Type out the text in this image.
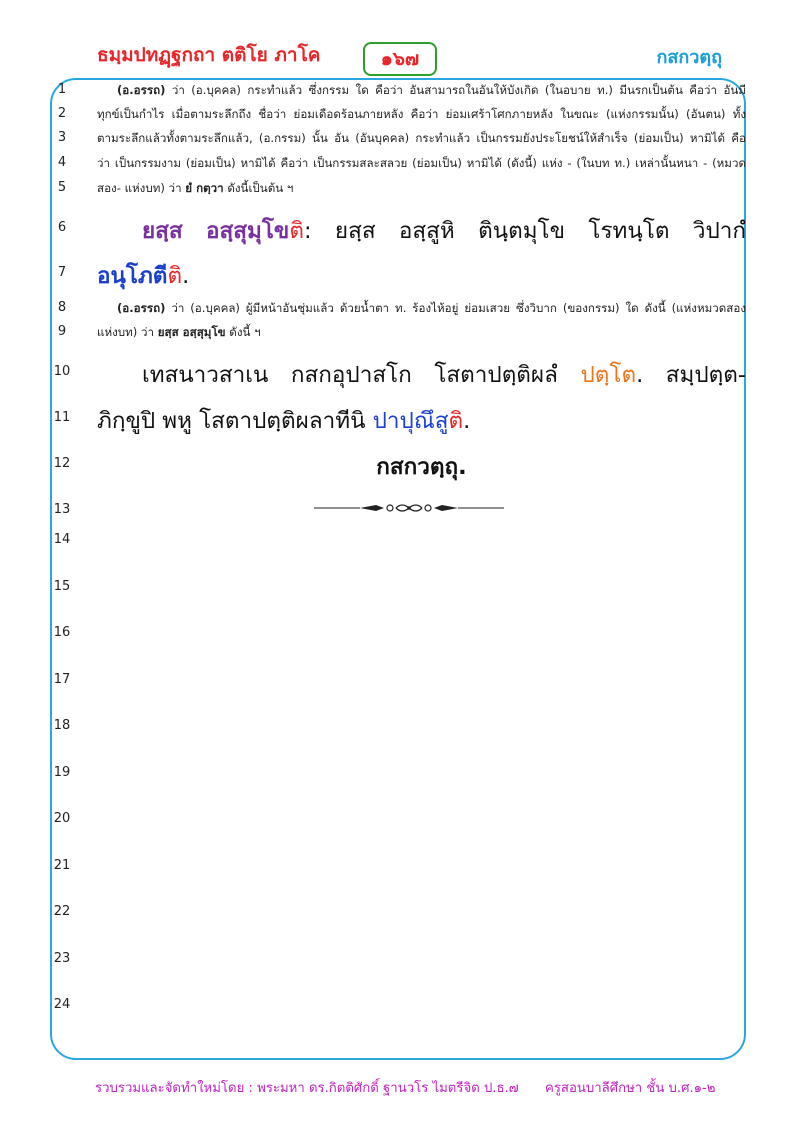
ธมฺมปทฏฺฐกถา ตติโย ภาโค	๑๖๗	กสกวตฺถุ
1
2
3
4
5
6
7
8
9
10
11
12
13
14
15
16
17
18
19
20
21
22
23
24
(อ.อรรถ) ว่า (อ.บุคคล) กระทำแล้ว ซึ่งกรรม ใด คือว่า อันสามารถในอันให้บังเกิด (ในอบาย ท.) มีนรกเป็นต้น คือว่า อันมี
ทุกข์เป็นกำไร เมื่อตามระลึกถึง ชื่อว่า ย่อมเดือดร้อนภายหลัง คือว่า ย่อมเศร้าโศกภายหลัง ในขณะ (แห่งกรรมนั้น) (อันตน) ทั้ง
ตามระลึกแล้วทั้งตามระลึกแล้ว, (อ.กรรม) นั้น อัน (อันบุคคล) กระทำแล้ว เป็นกรรมยังประโยชน์ให้สำเร็จ (ย่อมเป็น) หามิได้ คือ
ว่า เป็นกรรมงาม (ย่อมเป็น) หามิได้ คือว่า เป็นกรรมสละสลวย (ย่อมเป็น) หามิได้ (ดังนี้) แห่ง - (ในบท ท.) เหล่านั้นหนา - (หมวด
สอง- แห่งบท) ว่า ยํ กตฺวา ดังนี้เป็นต้น ฯ
ยสฺส อสฺสุมุโขติ: ยสฺส อสฺสูหิ ตินฺตมุโข โรทนฺโต วิปากํ
อนุโภตีติ.
(อ.อรรถ) ว่า (อ.บุคคล) ผู้มีหน้าอันชุ่มแล้ว ด้วยน้ำตา ท. ร้องไห้อยู่ ย่อมเสวย ซึ่งวิบาก (ของกรรม) ใด ดังนี้ (แห่งหมวดสอง
แห่งบท) ว่า ยสฺส อสฺสุมุโข ดังนี้ ฯ
เทสนาวสาเน กสกอุปาสโก โสตาปตฺติผลํ ปตฺโต. สมฺปตฺต-
ภิกฺขูปิ พหู โสตาปตฺติผลาทีนิ ปาปุณึสูติ.
กสกวตฺถุ.
รวบรวมและจัดทำใหม่โดย : พระมหา ดร.กิตติศักดิ์ ฐานวโร ไมตรีจิต ป.ธ.๗ ครูสอนบาลีศึกษา ชั้น บ.ศ.๑-๒
